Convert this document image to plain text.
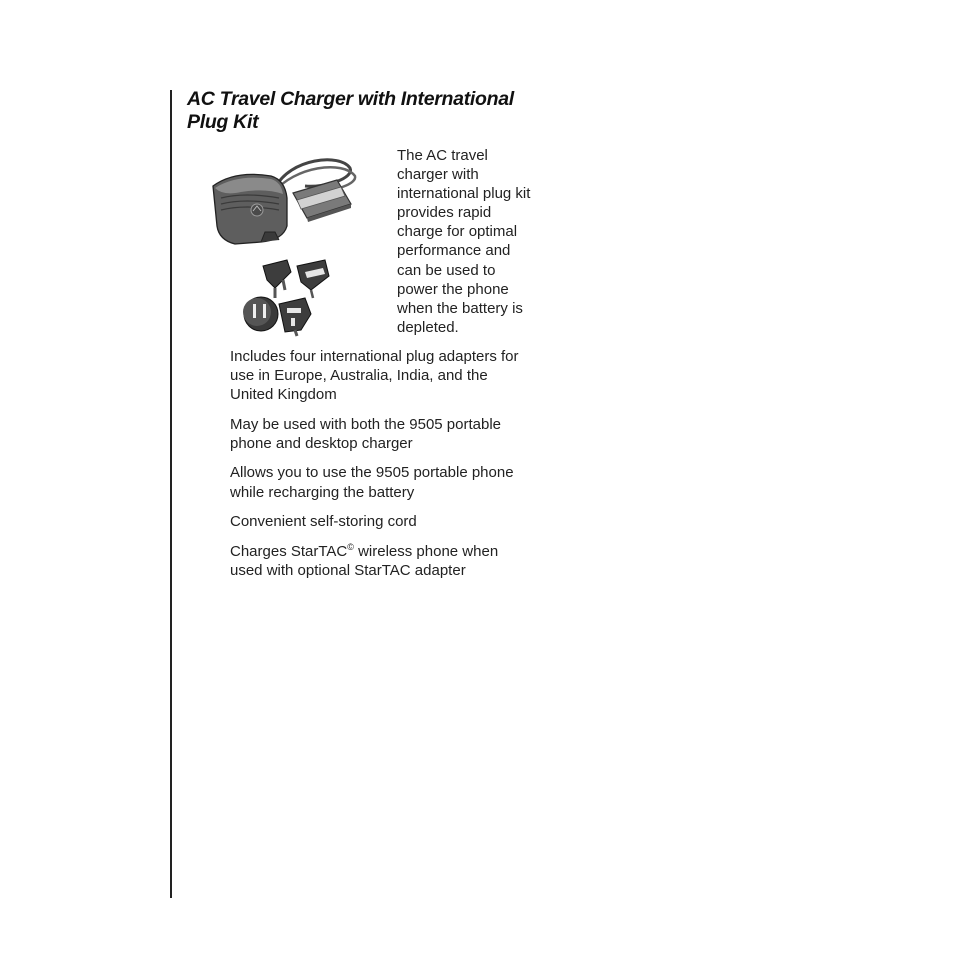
AC Travel Charger with International
Plug Kit

The AC travel
charger with
international plug kit
provides rapid
charge for optimal
performance and
can be used to
power the phone
when the battery is
depleted.

Includes four international plug adapters for
use in Europe, Australia, India, and the
United Kingdom

May be used with both the 9505 portable
phone and desktop charger

Allows you to use the 9505 portable phone
while recharging the battery

Convenient self-storing cord

Charges StarTAC© wireless phone when
used with optional StarTAC adapter
